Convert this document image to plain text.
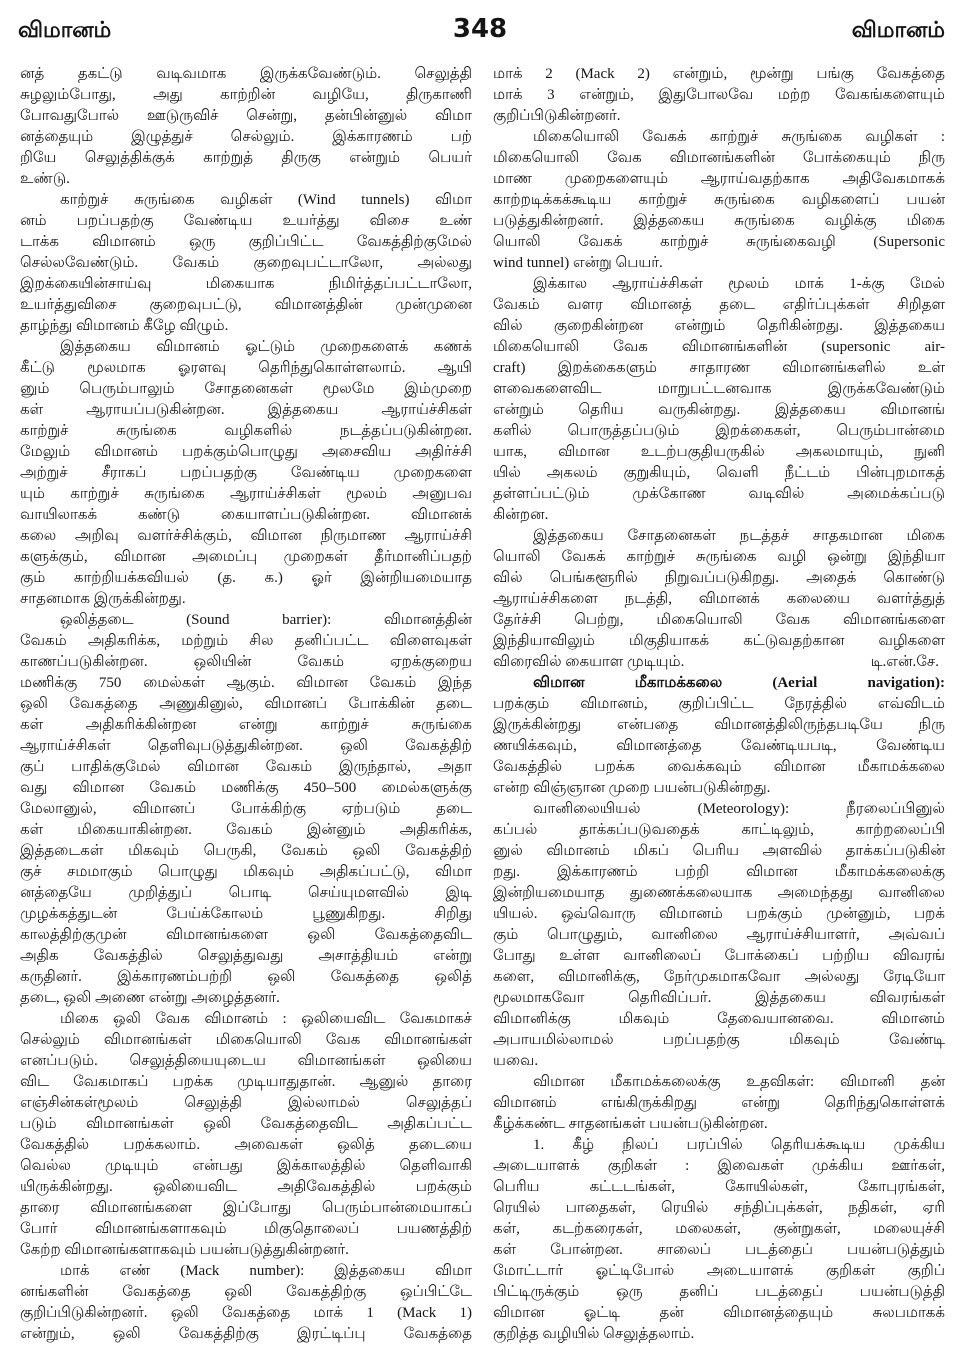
விமானம்	348	விமானம்
னத் தகட்டு வடிவமாக இருக்கவேண்டும். செலுத்தி
சுழலும்போது, அது காற்றின் வழியே, திருகாணி
போவதுபோல் ஊடுருவிச் சென்று, தன்பின்னுல் விமா
னத்தையும் இழுத்துச் செல்லும். இக்காரணம் பற்
றியே செலுத்திக்குக் காற்றுத் திருகு என்றும் பெயர்
உண்டு.
காற்றுச் சுருங்கை வழிகள் (Wind tunnels) விமா
னம் பறப்பதற்கு வேண்டிய உயர்த்து விசை உண்
டாக்க விமானம் ஒரு குறிப்பிட்ட வேகத்திற்குமேல்
செல்லவேண்டும். வேகம் குறைவுபட்டாலோ, அல்லது
இறக்கையின்சாய்வு மிகையாக நிமிர்த்தப்பட்டாலோ,
உயர்த்துவிசை குறைவுபட்டு, விமானத்தின் முன்முனை
தாழ்ந்து விமானம் கீழே விழும்.
இத்தகைய விமானம் ஓட்டும் முறைகளைக் கணக்
கீட்டு மூலமாக ஓரளவு தெரிந்துகொள்ளலாம். ஆயி
னும் பெரும்பாலும் சோதனைகள் மூலமே இம்முறை
கள் ஆராயப்படுகின்றன. இத்தகைய ஆராய்ச்சிகள்
காற்றுச் சுருங்கை வழிகளில் நடத்தப்படுகின்றன.
மேலும் விமானம் பறக்கும்பொழுது அசைவிய அதிர்ச்சி
அற்றுச் சீராகப் பறப்பதற்கு வேண்டிய முறைகளை
யும் காற்றுச் சுருங்கை ஆராய்ச்சிகள் மூலம் அனுபவ
வாயிலாகக் கண்டு கையாளப்படுகின்றன. விமானக்
கலை அறிவு வளர்ச்சிக்கும், விமான நிருமாண ஆராய்ச்சி
களுக்கும், விமான அமைப்பு முறைகள் தீர்மானிப்பதற்
கும் காற்றியக்கவியல் (த. க.) ஓர் இன்றியமையாத
சாதனமாக இருக்கின்றது.
ஒலித்தடை (Sound barrier): விமானத்தின்
வேகம் அதிகரிக்க, மற்றும் சில தனிப்பட்ட விளைவுகள்
காணப்படுகின்றன. ஒலியின் வேகம் ஏறக்குறைய
மணிக்கு 750 மைல்கள் ஆகும். விமான வேகம் இந்த
ஒலி வேகத்தை அணுகினுல், விமானப் போக்கின் தடை
கள் அதிகரிக்கின்றன என்று காற்றுச் சுருங்கை
ஆராய்ச்சிகள் தெளிவுபடுத்துகின்றன. ஒலி வேகத்திற்
குப் பாதிக்குமேல் விமான வேகம் இருந்தால், அதா
வது விமான வேகம் மணிக்கு 450–500 மைல்களுக்கு
மேலானுல், விமானப் போக்கிற்கு ஏற்படும் தடை
கள் மிகையாகின்றன. வேகம் இன்னும் அதிகரிக்க,
இத்தடைகள் மிகவும் பெருகி, வேகம் ஒலி வேகத்திற்
குச் சமமாகும் பொழுது மிகவும் அதிகப்பட்டு, விமா
னத்தையே முறித்துப் பொடி செய்யுமளவில் இடி
முழக்கத்துடன் பேய்க்கோலம் பூணுகிறது. சிறிது
காலத்திற்குமுன் விமானங்களை ஒலி வேகத்தைவிட
அதிக வேகத்தில் செலுத்துவது அசாத்தியம் என்று
கருதினர். இக்காரணம்பற்றி ஒலி வேகத்தை ஒலித்
தடை, ஒலி அணை என்று அழைத்தனர்.
மிகை ஒலி வேக விமானம் : ஒலியைவிட வேகமாகச்
செல்லும் விமானங்கள் மிகையொலி வேக விமானங்கள்
எனப்படும். செலுத்தியையுடைய விமானங்கள் ஒலியை
விட வேகமாகப் பறக்க முடியாதுதான். ஆனுல் தாரை
எஞ்சின்கள்மூலம் செலுத்தி இல்லாமல் செலுத்தப்
படும் விமானங்கள் ஒலி வேகத்தைவிட அதிகப்பட்ட
வேகத்தில் பறக்கலாம். அவைகள் ஒலித் தடையை
வெல்ல முடியும் என்பது இக்காலத்தில் தெளிவாகி
யிருக்கின்றது. ஒலியைவிட அதிவேகத்தில் பறக்கும்
தாரை விமானங்களை இப்போது பெரும்பான்மையாகப்
போர் விமானங்களாகவும் மிகுதொலைப் பயணத்திற்
கேற்ற விமானங்களாகவும் பயன்படுத்துகின்றனர்.
மாக் எண் (Mack number): இத்தகைய விமா
னங்களின் வேகத்தை ஒலி வேகத்திற்கு ஒப்பிட்டே
குறிப்பிடுகின்றனர். ஒலி வேகத்தை மாக் 1 (Mack 1)
என்றும், ஒலி வேகத்திற்கு இரட்டிப்பு வேகத்தை
மாக் 2 (Mack 2) என்றும், மூன்று பங்கு வேகத்தை
மாக் 3 என்றும், இதுபோலவே மற்ற வேகங்களையும்
குறிப்பிடுகின்றனர்.
மிகையொலி வேகக் காற்றுச் சுருங்கை வழிகள் :
மிகையொலி வேக விமானங்களின் போக்கையும் நிரு
மாண முறைகளையும் ஆராய்வதற்காக அதிவேகமாகக்
காற்றடிக்கக்கூடிய காற்றுச் சுருங்கை வழிகளைப் பயன்
படுத்துகின்றனர். இத்தகைய சுருங்கை வழிக்கு மிகை
யொலி வேகக் காற்றுச் சுருங்கைவழி (Supersonic
wind tunnel) என்று பெயர்.
இக்கால ஆராய்ச்சிகள் மூலம் மாக் 1-க்கு மேல்
வேகம் வளர விமானத் தடை எதிர்ப்புக்கள் சிறிதள
வில் குறைகின்றன என்றும் தெரிகின்றது. இத்தகைய
மிகையொலி வேக விமானங்களின் (supersonic air-
craft) இறக்கைகளும் சாதாரண விமானங்களில் உள்
ளவைகளைவிட மாறுபட்டனவாக இருக்கவேண்டும்
என்றும் தெரிய வருகின்றது. இத்தகைய விமானங்
களில் பொருத்தப்படும் இறக்கைகள், பெரும்பான்மை
யாக, விமான உடற்பகுதியருகில் அகலமாயும், நுனி
யில் அகலம் குறுகியும், வெளி நீட்டம் பின்புறமாகத்
தள்ளப்பட்டும் முக்கோண வடிவில் அமைக்கப்படு
கின்றன.
இத்தகைய சோதனைகள் நடத்தச் சாதகமான மிகை
யொலி வேகக் காற்றுச் சுருங்கை வழி ஒன்று இந்தியா
வில் பெங்களூரில் நிறுவப்படுகிறது. அதைக் கொண்டு
ஆராய்ச்சிகளை நடத்தி, விமானக் கலையை வளர்த்துத்
தேர்ச்சி பெற்று, மிகையொலி வேக விமானங்களை
இந்தியாவிலும் மிகுதியாகக் கட்டுவதற்கான வழிகளை
விரைவில் கையாள முடியும்.	டி.என்.சே.
விமான மீகாமக்கலை (Aerial navigation):
பறக்கும் விமானம், குறிப்பிட்ட நேரத்தில் எவ்விடம்
இருக்கின்றது என்பதை விமானத்திலிருந்தபடியே நிரு
ணயிக்கவும், விமானத்தை வேண்டியபடி, வேண்டிய
வேகத்தில் பறக்க வைக்கவும் விமான மீகாமக்கலை
என்ற விஞ்ஞான முறை பயன்படுகின்றது.
வானிலையியல் (Meteorology): நீரலைப்பினுல்
கப்பல் தாக்கப்படுவதைக் காட்டிலும், காற்றலைப்பி
னுல் விமானம் மிகப் பெரிய அளவில் தாக்கப்படுகின்
றது. இக்காரணம் பற்றி விமான மீகாமக்கலைக்கு
இன்றியமையாத துணைக்கலையாக அமைந்தது வானிலை
யியல். ஒவ்வொரு விமானம் பறக்கும் முன்னும், பறக்
கும் பொழுதும், வானிலை ஆராய்ச்சியாளர், அவ்வப்
போது உள்ள வானிலைப் போக்கைப் பற்றிய விவரங்
களை, விமானிக்கு, நேர்முகமாகவோ அல்லது ரேடியோ
மூலமாகவோ தெரிவிப்பர். இத்தகைய விவரங்கள்
விமானிக்கு மிகவும் தேவையானவை. விமானம்
அபாயமில்லாமல் பறப்பதற்கு மிகவும் வேண்டி
யவை.
விமான மீகாமக்கலைக்கு உதவிகள்: விமானி தன்
விமானம் எங்கிருக்கிறது என்று தெரிந்துகொள்ளக்
கீழ்க்கண்ட சாதனங்கள் பயன்படுகின்றன.
1. கீழ் நிலப் பரப்பில் தெரியக்கூடிய முக்கிய
அடையாளக் குறிகள் : இவைகள் முக்கிய ஊர்கள்,
பெரிய கட்டடங்கள், கோயில்கள், கோபுரங்கள்,
ரெயில் பாதைகள், ரெயில் சந்திப்புக்கள், நதிகள், ஏரி
கள், கடற்கரைகள், மலைகள், குன்றுகள், மலையுச்சி
கள் போன்றன. சாலைப் படத்தைப் பயன்படுத்தும்
மோட்டார் ஓட்டிபோல் அடையாளக் குறிகள் குறிப்
பிட்டிருக்கும் ஒரு தனிப் படத்தைப் பயன்படுத்தி
விமான ஓட்டி தன் விமானத்தையும் சுலபமாகக்
குறித்த வழியில் செலுத்தலாம்.
